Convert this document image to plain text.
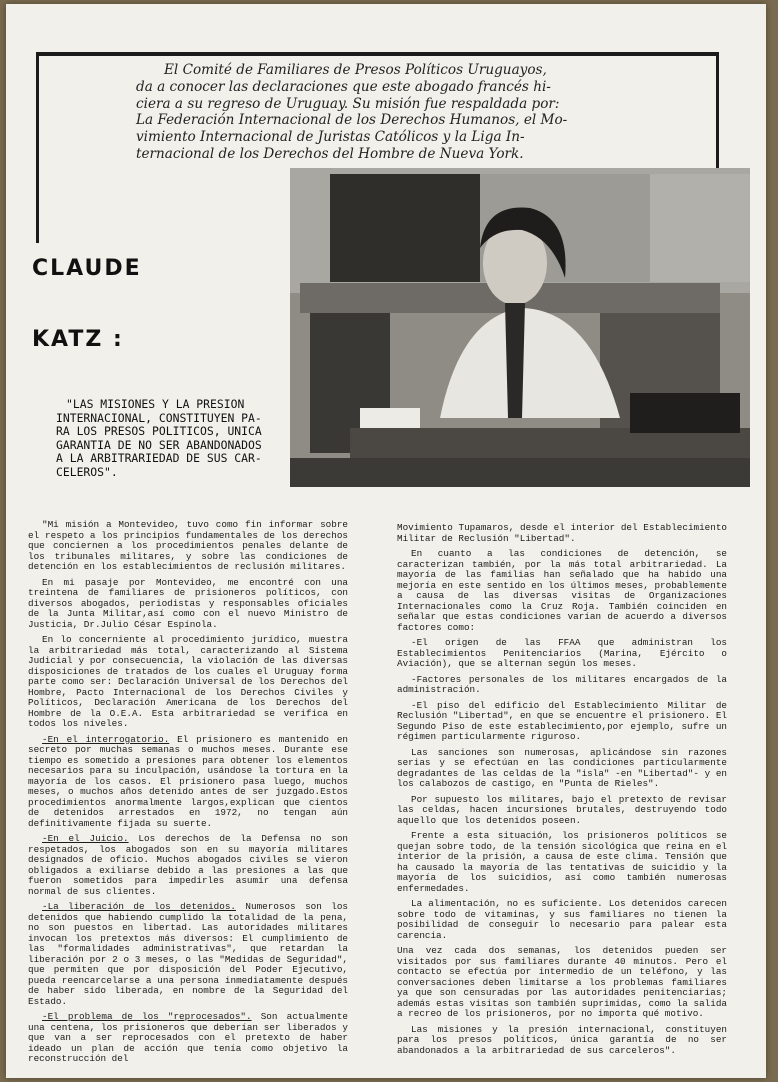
El Comité de Familiares de Presos Políticos Uruguayos,

da a conocer las declaraciones que este abogado francés hi-

ciera a su regreso de Uruguay. Su misión fue respaldada por:

La Federación Internacional de los Derechos Humanos, el Mo-

vimiento Internacional de Juristas Católicos y la Liga In-

ternacional de los Derechos del Hombre de Nueva York.

CLAUDE
KATZ :
"LAS MISIONES Y LA PRESION
INTERNACIONAL, CONSTITUYEN PA-
RA LOS PRESOS POLITICOS, UNICA
GARANTIA DE NO SER ABANDONADOS
A LA ARBITRARIEDAD DE SUS CAR-
CELEROS".

"Mi misión a Montevideo, tuvo como fin informar sobre el respeto a los principios fundamentales de los derechos que conciernen a los procedimientos penales delante de los tribunales militares, y sobre las condiciones de detención en los establecimientos de reclusión militares.

En mi pasaje por Montevideo, me encontré con una treintena de familiares de prisioneros políticos, con diversos abogados, periodistas y responsables oficiales de la Junta Militar,así como con el nuevo Ministro de Justicia, Dr.Julio César Espínola.

En lo concerniente al procedimiento jurídico, muestra la arbitrariedad más total, caracterizando al Sistema Judicial y por consecuencia, la violación de las diversas disposiciones de tratados de los cuales el Uruguay forma parte como ser: Declaración Universal de los Derechos del Hombre, Pacto Internacional de los Derechos Civiles y Políticos, Declaración Americana de los Derechos del Hombre de la O.E.A. Esta arbitrariedad se verifica en todos los niveles.

-En el interrogatorio. El prisionero es mantenido en secreto por muchas semanas o muchos meses. Durante ese tiempo es sometido a presiones para obtener los elementos necesarios para su inculpación, usándose la tortura en la mayoría de los casos. El prisionero pasa luego, muchos meses, o muchos años detenido antes de ser juzgado.Estos procedimientos anormalmente largos,explican que cientos de detenidos arrestados en 1972, no tengan aún definitivamente fijada su suerte.

-En el Juicio. Los derechos de la Defensa no son respetados, los abogados son en su mayoría militares designados de oficio. Muchos abogados civiles se vieron obligados a exiliarse debido a las presiones a las que fueron sometidos para impedirles asumir una defensa normal de sus clientes.

-La liberación de los detenidos. Numerosos son los detenidos que habiendo cumplido la totalidad de la pena, no son puestos en libertad. Las autoridades militares invocan los pretextos más diversos: El cumplimiento de las "formalidades administrativas", que retardan la liberación por 2 o 3 meses, o las "Medidas de Seguridad", que permiten que por disposición del Poder Ejecutivo, pueda reencarcelarse a una persona inmediatamente después de haber sido liberada, en nombre de la Seguridad del Estado.

-El problema de los "reprocesados". Son actualmente una centena, los prisioneros que deberían ser liberados y que van a ser reprocesados con el pretexto de haber ideado un plan de acción que tenía como objetivo la reconstrucción del

Movimiento Tupamaros, desde el interior del Establecimiento Militar de Reclusión "Libertad".

En cuanto a las condiciones de detención, se caracterizan también, por la más total arbitrariedad. La mayoría de las familias han señalado que ha habido una mejoría en este sentido en los últimos meses, probablemente a causa de las diversas visitas de Organizaciones Internacionales como la Cruz Roja. También coinciden en señalar que estas condiciones varían de acuerdo a diversos factores como:

-El origen de las FFAA que administran los Establecimientos Penitenciarios (Marina, Ejército o Aviación), que se alternan según los meses.

-Factores personales de los militares encargados de la administración.

-El piso del edificio del Establecimiento Militar de Reclusión "Libertad", en que se encuentre el prisionero. El Segundo Piso de este establecimiento,por ejemplo, sufre un régimen particularmente riguroso.

Las sanciones son numerosas, aplicándose sin razones serias y se efectúan en las condiciones particularmente degradantes de las celdas de la "isla" -en "Libertad"- y en los calabozos de castigo, en "Punta de Rieles".

Por supuesto los militares, bajo el pretexto de revisar las celdas, hacen incursiones brutales, destruyendo todo aquello que los detenidos poseen.

Frente a esta situación, los prisioneros políticos se quejan sobre todo, de la tensión sicológica que reina en el interior de la prisión, a causa de este clima. Tensión que ha causado la mayoría de las tentativas de suicidio y la mayoría de los suicidios, así como también numerosas enfermedades.

La alimentación, no es suficiente. Los detenidos carecen sobre todo de vitaminas, y sus familiares no tienen la posibilidad de conseguir lo necesario para palear esta carencia.

Una vez cada dos semanas, los detenidos pueden ser visitados por sus familiares durante 40 minutos. Pero el contacto se efectúa por intermedio de un teléfono, y las conversaciones deben limitarse a los problemas familiares ya que son censuradas por las autoridades penitenciarias; además estas visitas son también suprimidas, como la salida a recreo de los prisioneros, por no importa qué motivo.

Las misiones y la presión internacional, constituyen para los presos políticos, única garantía de no ser abandonados a la arbitrariedad de sus carceleros".
